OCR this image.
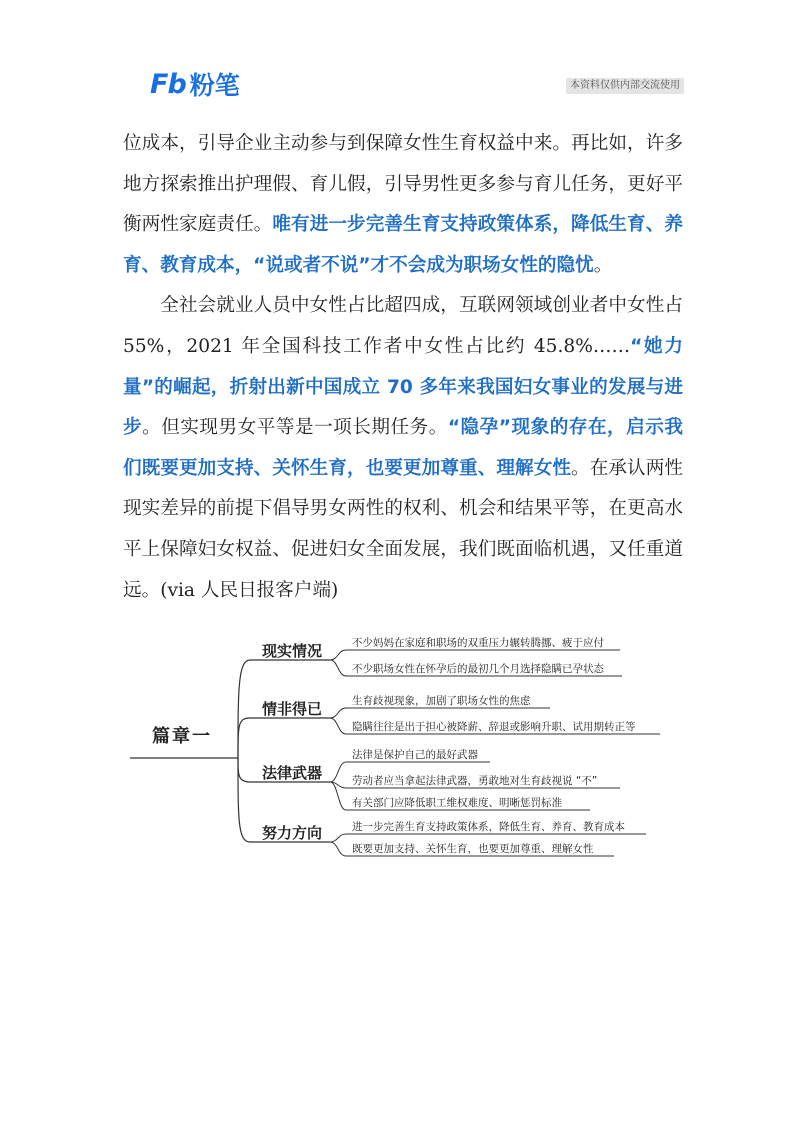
Fb 粉笔	本资料仅供内部交流使用

位成本，引导企业主动参与到保障女性生育权益中来。再比如，许多地方探索推出护理假、育儿假，引导男性更多参与育儿任务，更好平衡两性家庭责任。唯有进一步完善生育支持政策体系，降低生育、养育、教育成本，“说或者不说”才不会成为职场女性的隐忧。

全社会就业人员中女性占比超四成，互联网领域创业者中女性占55%，2021 年全国科技工作者中女性占比约 45.8%……“她力量”的崛起，折射出新中国成立 70 多年来我国妇女事业的发展与进步。但实现男女平等是一项长期任务。“隐孕”现象的存在，启示我们既要更加支持、关怀生育，也要更加尊重、理解女性。在承认两性现实差异的前提下倡导男女两性的权利、机会和结果平等，在更高水平上保障妇女权益、促进妇女全面发展，我们既面临机遇，又任重道远。(via 人民日报客户端)

篇章一
现实情况
情非得已
法律武器
努力方向
不少妈妈在家庭和职场的双重压力辗转腾挪、疲于应付
不少职场女性在怀孕后的最初几个月选择隐瞒已孕状态
生育歧视现象，加剧了职场女性的焦虑
隐瞒往往是出于担心被降薪、辞退或影响升职、试用期转正等
法律是保护自己的最好武器
劳动者应当拿起法律武器，勇敢地对生育歧视说 “不”
有关部门应降低职工维权难度、明晰惩罚标准
进一步完善生育支持政策体系，降低生育、养育、教育成本
既要更加支持、关怀生育，也要更加尊重、理解女性
